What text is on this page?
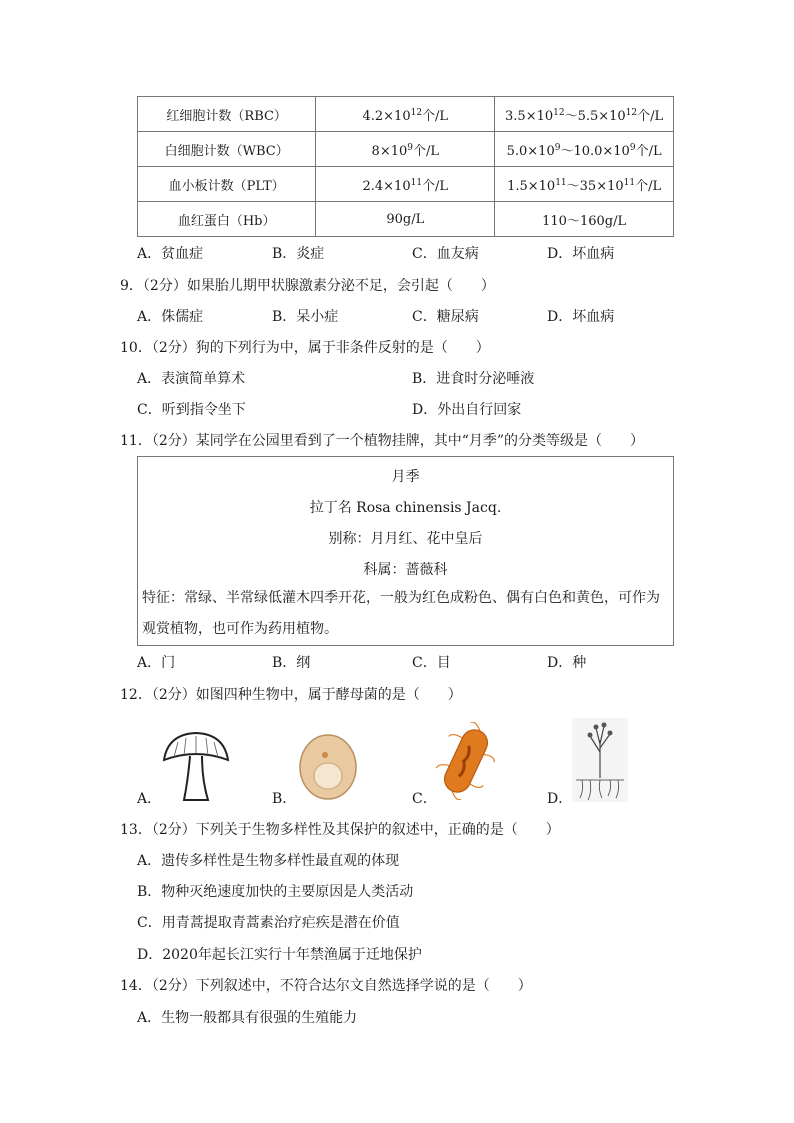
红细胞计数（RBC）	$4.2\times 10^{12}$个/L	$3.5\times 10^{12}\sim 5.5\times 10^{12}$个/L
白细胞计数（WBC）	$8\times 10^9$个/L	$5.0\times 10^9\sim 10.0\times 10^9$个/L
血小板计数（PLT）	$2.4\times 10^{11}$个/L	$1.5\times 10^{11}\sim 35\times 10^{11}$个/L
血红蛋白（Hb）	90g/L	110～160g/L
A．贫血症	B．炎症	C．血友病	D．坏血病
9．（2分）如果胎儿期甲状腺激素分泌不足，会引起（　　）
A．侏儒症	B．呆小症	C．糖尿病	D．坏血病
10．（2分）狗的下列行为中，属于非条件反射的是（　　）
A．表演简单算术	B．进食时分泌唾液
C．听到指令坐下	D．外出自行回家
11．（2分）某同学在公园里看到了一个植物挂牌，其中“月季”的分类等级是（　　）
月季
拉丁名 Rosa chinensis Jacq.
别称：月月红、花中皇后
科属：蔷薇科
特征：常绿、半常绿低灌木四季开花，一般为红色成粉色、偶有白色和黄色，可作为观赏植物，也可作为药用植物。
A．门	B．纲	C．目	D．种
12．（2分）如图四种生物中，属于酵母菌的是（　　）
A．	B．	C．	D．
13．（2分）下列关于生物多样性及其保护的叙述中，正确的是（　　）
A．遗传多样性是生物多样性最直观的体现
B．物种灭绝速度加快的主要原因是人类活动
C．用青蒿提取青蒿素治疗疟疾是潜在价值
D．2020年起长江实行十年禁渔属于迁地保护
14．（2分）下列叙述中，不符合达尔文自然选择学说的是（　　）
A．生物一般都具有很强的生殖能力
